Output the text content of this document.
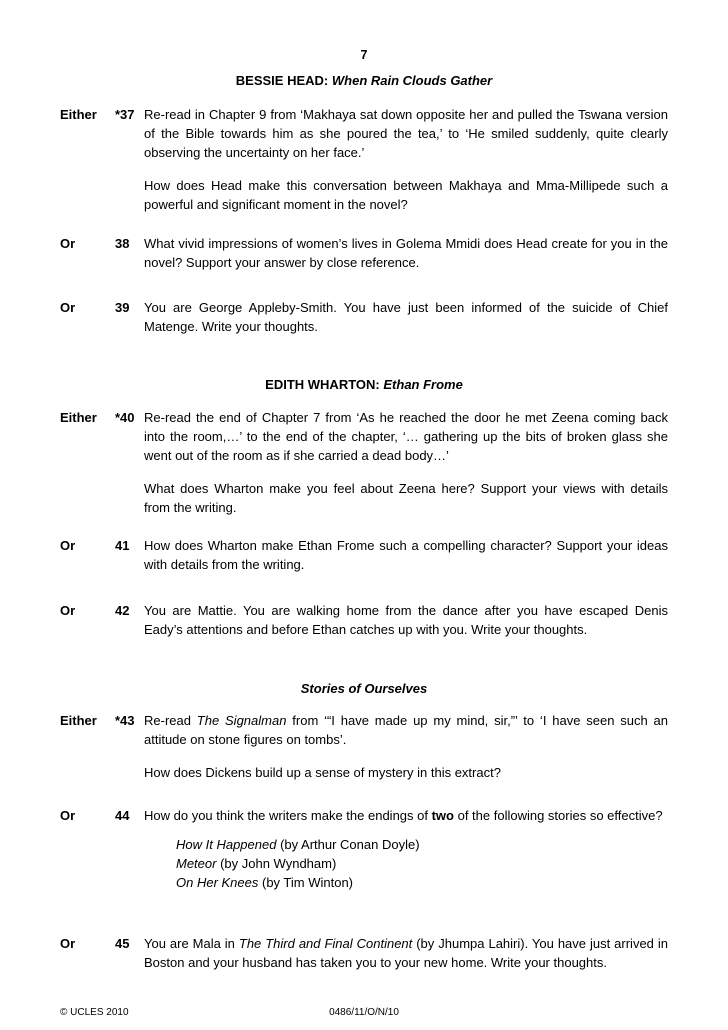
7
BESSIE HEAD: When Rain Clouds Gather
Either *37 Re-read in Chapter 9 from ‘Makhaya sat down opposite her and pulled the Tswana version of the Bible towards him as she poured the tea,’ to ‘He smiled suddenly, quite clearly observing the uncertainty on her face.’

How does Head make this conversation between Makhaya and Mma-Millipede such a powerful and significant moment in the novel?

Or	38 What vivid impressions of women’s lives in Golema Mmidi does Head create for you in the novel? Support your answer by close reference.

Or	39 You are George Appleby-Smith. You have just been informed of the suicide of Chief Matenge. Write your thoughts.

EDITH WHARTON: Ethan Frome
Either *40 Re-read the end of Chapter 7 from ‘As he reached the door he met Zeena coming back into the room,…’ to the end of the chapter, ‘… gathering up the bits of broken glass she went out of the room as if she carried a dead body…’

What does Wharton make you feel about Zeena here? Support your views with details from the writing.

Or	41 How does Wharton make Ethan Frome such a compelling character? Support your ideas with details from the writing.

Or	42 You are Mattie. You are walking home from the dance after you have escaped Denis Eady’s attentions and before Ethan catches up with you. Write your thoughts.

Stories of Ourselves
Either *43 Re-read The Signalman from ‘“I have made up my mind, sir,”’ to ‘I have seen such an attitude on stone figures on tombs’.

How does Dickens build up a sense of mystery in this extract?

Or	44 How do you think the writers make the endings of two of the following stories so effective?

How It Happened (by Arthur Conan Doyle)
Meteor (by John Wyndham)
On Her Knees (by Tim Winton)
Or	45 You are Mala in The Third and Final Continent (by Jhumpa Lahiri). You have just arrived in Boston and your husband has taken you to your new home. Write your thoughts.

© UCLES 2010	0486/11/O/N/10
